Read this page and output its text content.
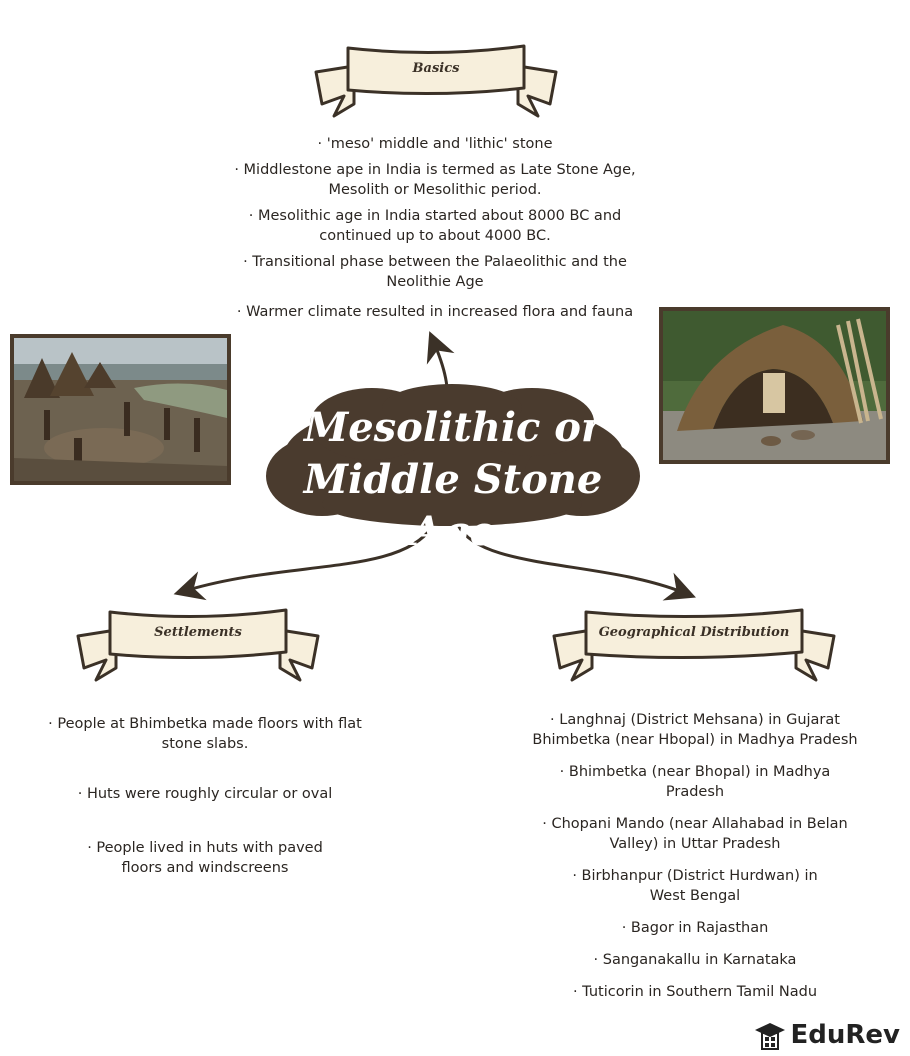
Basics
· 'meso' middle and 'lithic' stone
· Middlestone ape in India is termed as Late Stone Age,
Mesolith or Mesolithic period.
· Mesolithic age in India started about 8000 BC and
continued up to about 4000 BC.
· Transitional phase between the Palaeolithic and the
Neolithie Age
· Warmer climate resulted in increased flora and fauna
Mesolithic or
Middle Stone Age
Settlements
· People at Bhimbetka made floors with flat
stone slabs.
· Huts were roughly circular or oval
· People lived in huts with paved
floors and windscreens
Geographical Distribution
· Langhnaj (District Mehsana) in Gujarat
Bhimbetka (near Hbopal) in Madhya Pradesh
· Bhimbetka (near Bhopal) in Madhya
Pradesh
· Chopani Mando (near Allahabad in Belan
Valley) in Uttar Pradesh
· Birbhanpur (District Hurdwan) in
West Bengal
· Bagor in Rajasthan
· Sanganakallu in Karnataka
· Tuticorin in Southern Tamil Nadu
EduRev
